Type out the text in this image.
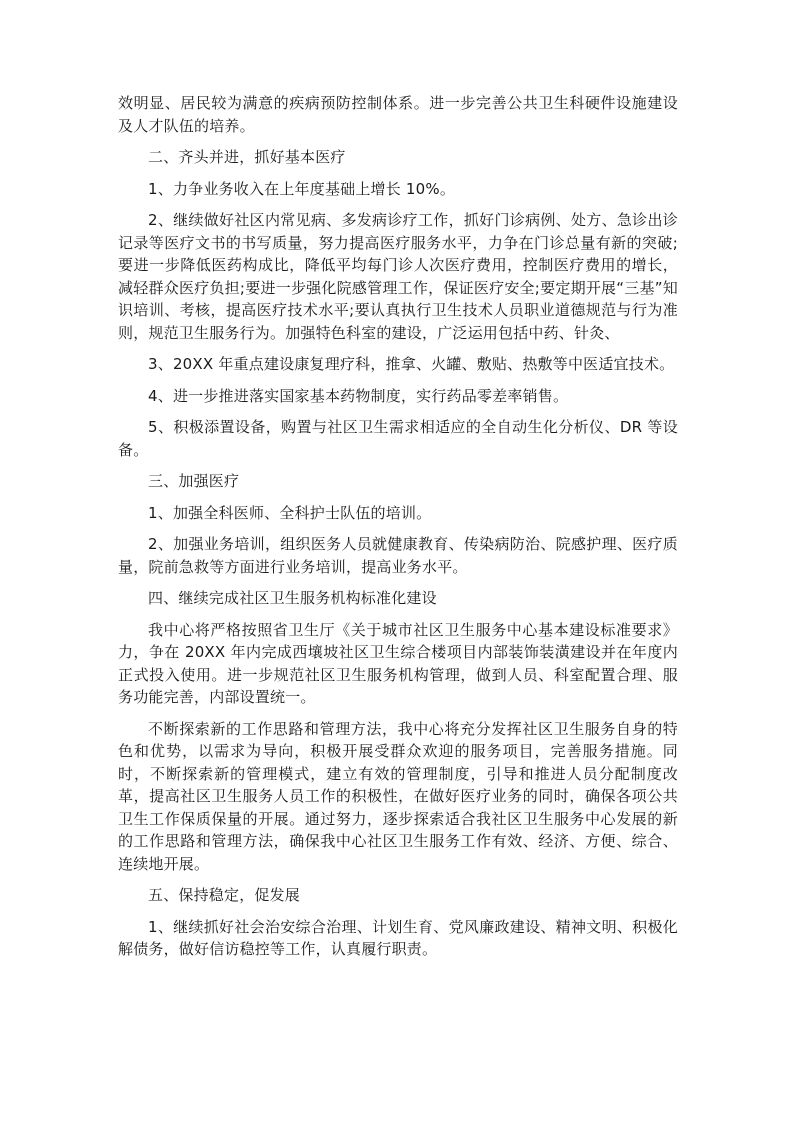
效明显、居民较为满意的疾病预防控制体系。进一步完善公共卫生科硬件设施建设及人才队伍的培养。

二、齐头并进，抓好基本医疗

1、力争业务收入在上年度基础上增长 10%。

2、继续做好社区内常见病、多发病诊疗工作，抓好门诊病例、处方、急诊出诊记录等医疗文书的书写质量，努力提高医疗服务水平，力争在门诊总量有新的突破;要进一步降低医药构成比，降低平均每门诊人次医疗费用，控制医疗费用的增长，减轻群众医疗负担;要进一步强化院感管理工作，保证医疗安全;要定期开展“三基”知识培训、考核，提高医疗技术水平;要认真执行卫生技术人员职业道德规范与行为准则，规范卫生服务行为。加强特色科室的建设，广泛运用包括中药、针灸、

3、20XX 年重点建设康复理疗科，推拿、火罐、敷贴、热敷等中医适宜技术。

4、进一步推进落实国家基本药物制度，实行药品零差率销售。

5、积极添置设备，购置与社区卫生需求相适应的全自动生化分析仪、DR 等设备。

三、加强医疗

1、加强全科医师、全科护士队伍的培训。

2、加强业务培训，组织医务人员就健康教育、传染病防治、院感护理、医疗质量，院前急救等方面进行业务培训，提高业务水平。

四、继续完成社区卫生服务机构标准化建设

我中心将严格按照省卫生厅《关于城市社区卫生服务中心基本建设标准要求》力，争在 20XX 年内完成西壤坡社区卫生综合楼项目内部装饰装潢建设并在年度内正式投入使用。进一步规范社区卫生服务机构管理，做到人员、科室配置合理、服务功能完善，内部设置统一。

不断探索新的工作思路和管理方法，我中心将充分发挥社区卫生服务自身的特色和优势，以需求为导向，积极开展受群众欢迎的服务项目，完善服务措施。同时，不断探索新的管理模式，建立有效的管理制度，引导和推进人员分配制度改革，提高社区卫生服务人员工作的积极性，在做好医疗业务的同时，确保各项公共卫生工作保质保量的开展。通过努力，逐步探索适合我社区卫生服务中心发展的新的工作思路和管理方法，确保我中心社区卫生服务工作有效、经济、方便、综合、连续地开展。

五、保持稳定，促发展

1、继续抓好社会治安综合治理、计划生育、党风廉政建设、精神文明、积极化解债务，做好信访稳控等工作，认真履行职责。
